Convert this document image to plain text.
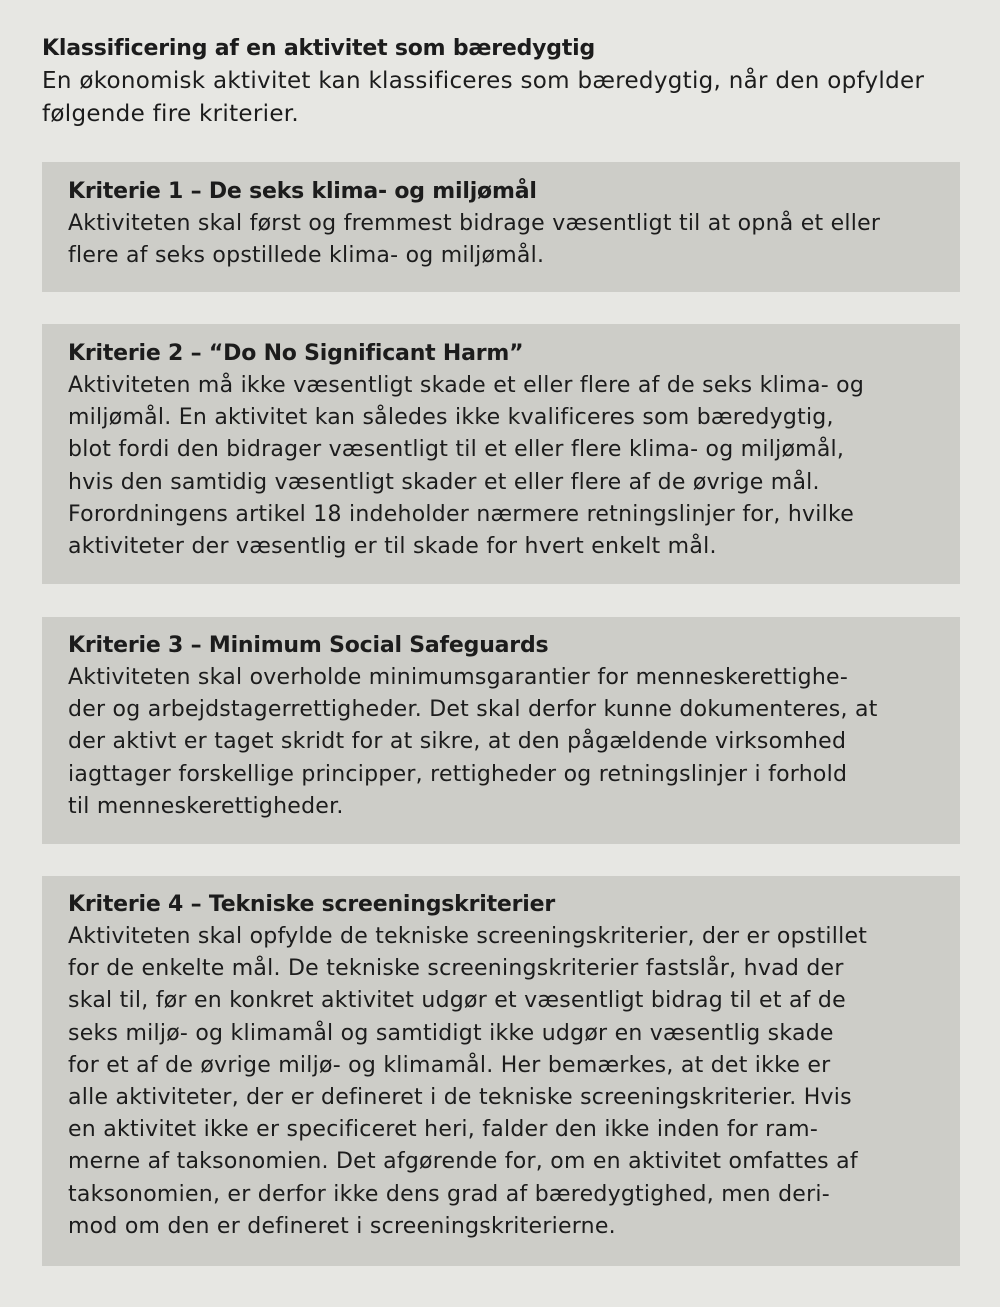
Klassificering af en aktivitet som bæredygtig

En økonomisk aktivitet kan klassificeres som bæredygtig, når den opfylder
følgende fire kriterier.

Kriterie 1 – De seks klima- og miljømål

Aktiviteten skal først og fremmest bidrage væsentligt til at opnå et eller
flere af seks opstillede klima- og miljømål.

Kriterie 2 – “Do No Significant Harm”

Aktiviteten må ikke væsentligt skade et eller flere af de seks klima- og
miljømål. En aktivitet kan således ikke kvalificeres som bæredygtig,
blot fordi den bidrager væsentligt til et eller flere klima- og miljømål,
hvis den samtidig væsentligt skader et eller flere af de øvrige mål.
Forordningens artikel 18 indeholder nærmere retningslinjer for, hvilke
aktiviteter der væsentlig er til skade for hvert enkelt mål.

Kriterie 3 – Minimum Social Safeguards

Aktiviteten skal overholde minimumsgarantier for menneskerettighe-
der og arbejdstagerrettigheder. Det skal derfor kunne dokumenteres, at
der aktivt er taget skridt for at sikre, at den pågældende virksomhed
iagttager forskellige principper, rettigheder og retningslinjer i forhold
til menneskerettigheder.

Kriterie 4 – Tekniske screeningskriterier

Aktiviteten skal opfylde de tekniske screeningskriterier, der er opstillet
for de enkelte mål. De tekniske screeningskriterier fastslår, hvad der
skal til, før en konkret aktivitet udgør et væsentligt bidrag til et af de
seks miljø- og klimamål og samtidigt ikke udgør en væsentlig skade
for et af de øvrige miljø- og klimamål. Her bemærkes, at det ikke er
alle aktiviteter, der er defineret i de tekniske screeningskriterier. Hvis
en aktivitet ikke er specificeret heri, falder den ikke inden for ram-
merne af taksonomien. Det afgørende for, om en aktivitet omfattes af
taksonomien, er derfor ikke dens grad af bæredygtighed, men deri-
mod om den er defineret i screeningskriterierne.
